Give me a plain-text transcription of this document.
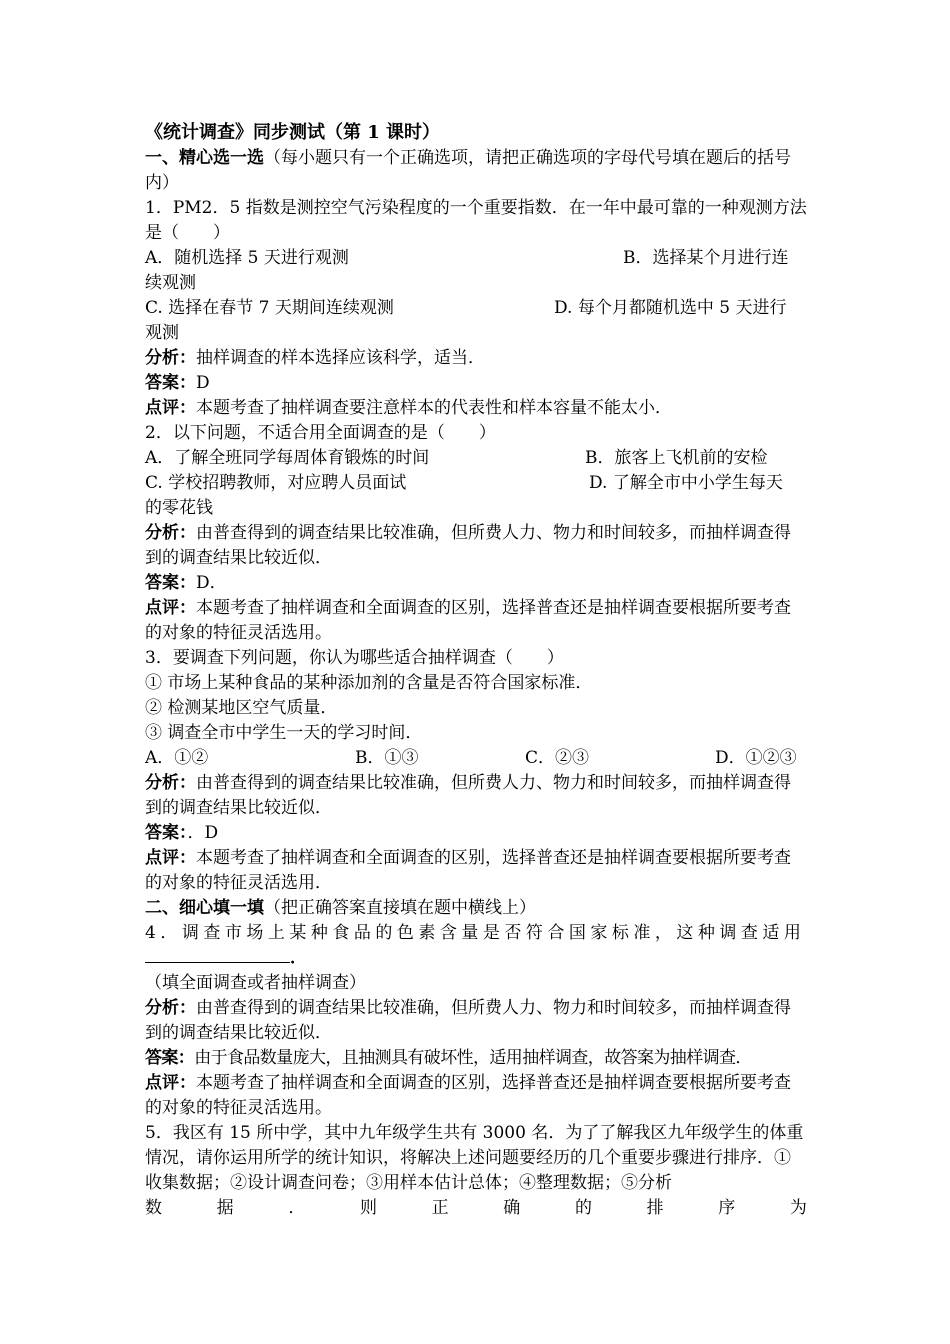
《统计调查》同步测试（第 1 课时）
一、精心选一选（每小题只有一个正确选项，请把正确选项的字母代号填在题后的括号内）
1．PM2．5 指数是测控空气污染程度的一个重要指数．在一年中最可靠的一种观测方法是（　　）
A．随机选择 5 天进行观测	B．选择某个月进行连
续观测
C. 选择在春节 7 天期间连续观测	D. 每个月都随机选中 5 天进行
观测
分析：抽样调查的样本选择应该科学，适当．
答案：D
点评：本题考查了抽样调查要注意样本的代表性和样本容量不能太小．
2．以下问题，不适合用全面调查的是（　　）
A．了解全班同学每周体育锻炼的时间	B．旅客上飞机前的安检
C. 学校招聘教师，对应聘人员面试	D. 了解全市中小学生每天
的零花钱
分析：由普查得到的调查结果比较准确，但所费人力、物力和时间较多，而抽样调查得到的调查结果比较近似．
答案：D．
点评：本题考查了抽样调查和全面调查的区别，选择普查还是抽样调查要根据所要考查的对象的特征灵活选用。
3．要调查下列问题，你认为哪些适合抽样调查（　　）
① 市场上某种食品的某种添加剂的含量是否符合国家标准．
② 检测某地区空气质量．
③ 调查全市中学生一天的学习时间．
A．①②	B．①③	C．②③	D．①②③
分析：由普查得到的调查结果比较准确，但所费人力、物力和时间较多，而抽样调查得到的调查结果比较近似．
答案：．D
点评：本题考查了抽样调查和全面调查的区别，选择普查还是抽样调查要根据所要考查的对象的特征灵活选用．
二、细心填一填（把正确答案直接填在题中横线上）
4．调查市场上某种食品的色素含量是否符合国家标准，这种调查适用
．
（填全面调查或者抽样调查）
分析：由普查得到的调查结果比较准确，但所费人力、物力和时间较多，而抽样调查得到的调查结果比较近似．
答案：由于食品数量庞大，且抽测具有破坏性，适用抽样调查，故答案为抽样调查．
点评：本题考查了抽样调查和全面调查的区别，选择普查还是抽样调查要根据所要考查的对象的特征灵活选用。
5．我区有 15 所中学，其中九年级学生共有 3000 名．为了了解我区九年级学生的体重情况，请你运用所学的统计知识，将解决上述问题要经历的几个重要步骤进行排序．①收集数据；②设计调查问卷；③用样本估计总体；④整理数据；⑤分析
数	据	．	则	正	确	的	排	序	为
